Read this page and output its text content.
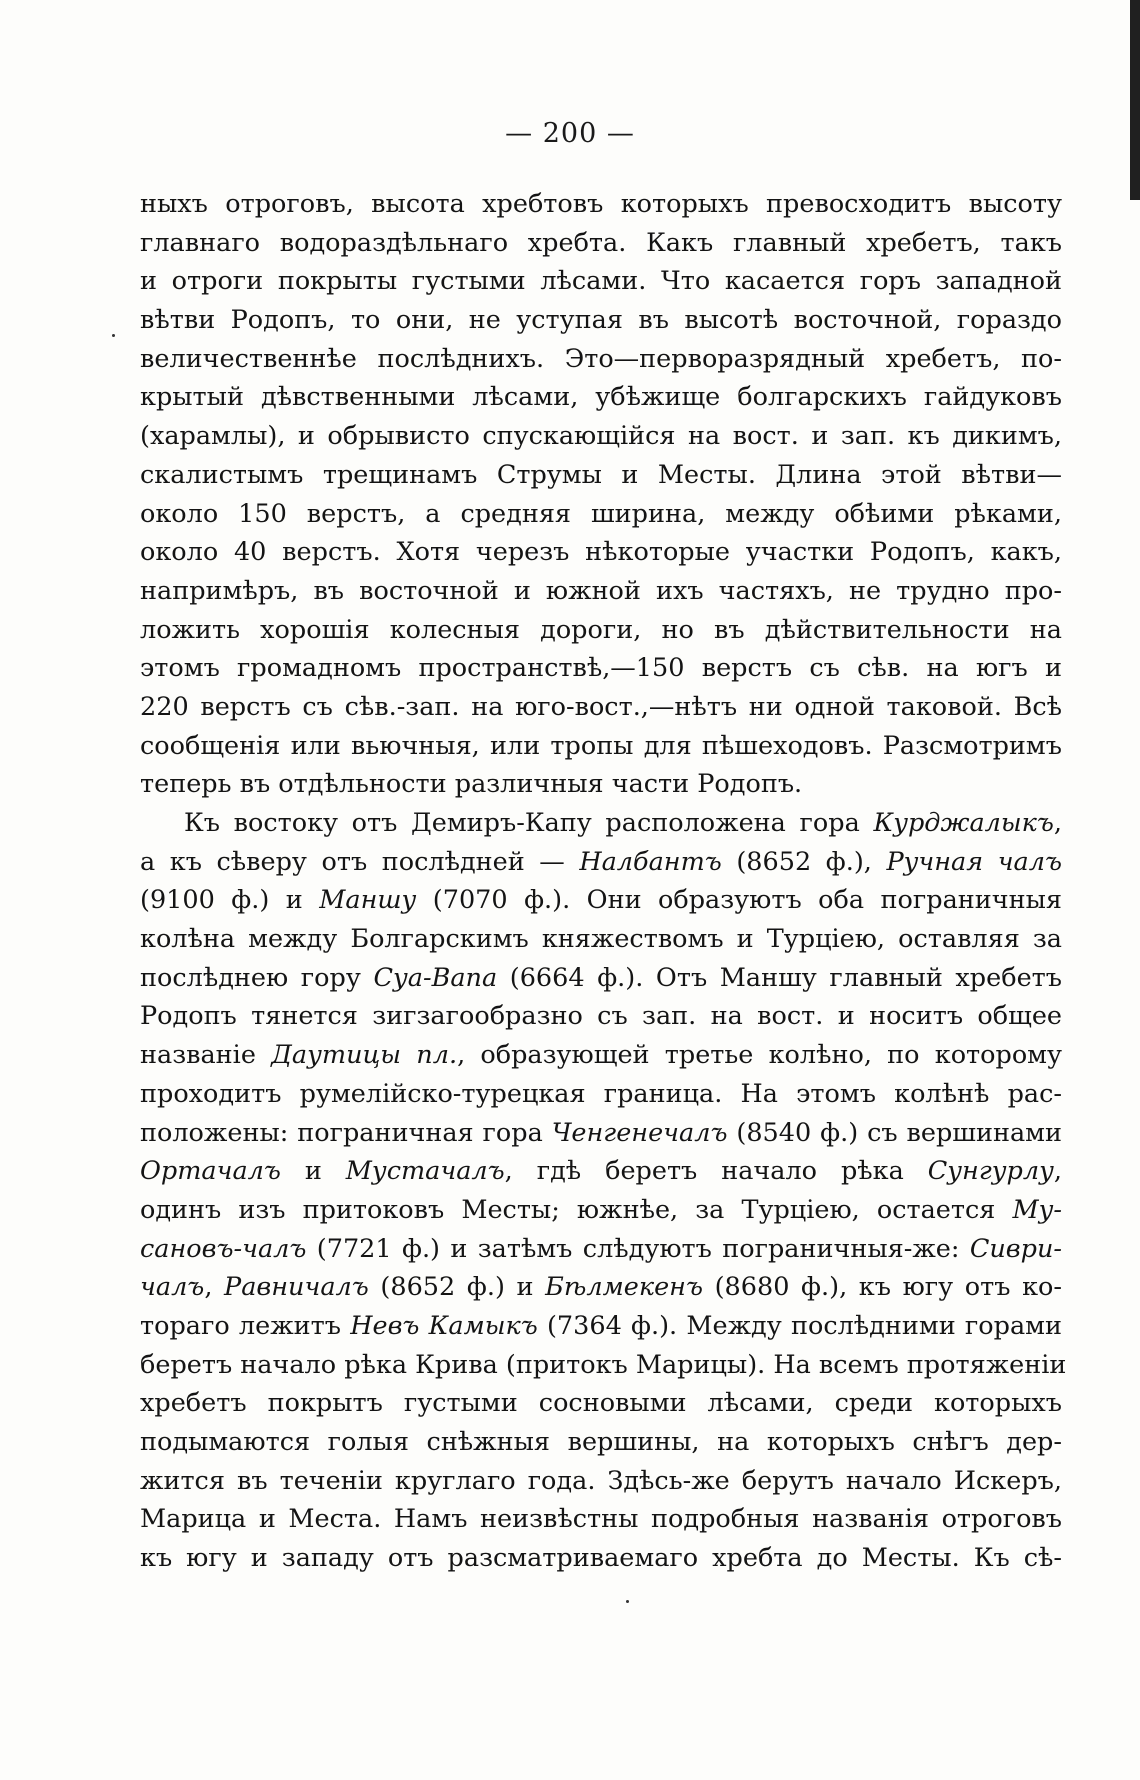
— 200 —
ныхъ отроговъ, высота хребтовъ которыхъ превосходитъ высоту
главнаго водораздѣльнаго хребта. Какъ главный хребетъ, такъ
и отроги покрыты густыми лѣсами. Что касается горъ западной
вѣтви Родопъ, то они, не уступая въ высотѣ восточной, гораздо
величественнѣе послѣднихъ. Это—перворазрядный хребетъ, по-
крытый дѣвственными лѣсами, убѣжище болгарскихъ гайдуковъ
(харамлы), и обрывисто спускающійся на вост. и зап. къ дикимъ,
скалистымъ трещинамъ Струмы и Месты. Длина этой вѣтви—
около 150 верстъ, а средняя ширина, между обѣими рѣками,
около 40 верстъ. Хотя черезъ нѣкоторые участки Родопъ, какъ,
напримѣръ, въ восточной и южной ихъ частяхъ, не трудно про-
ложить хорошія колесныя дороги, но въ дѣйствительности на
этомъ громадномъ пространствѣ,—150 верстъ съ сѣв. на югъ и
220 верстъ съ сѣв.-зап. на юго-вост.,—нѣтъ ни одной таковой. Всѣ
сообщенія или вьючныя, или тропы для пѣшеходовъ. Разсмотримъ
теперь въ отдѣльности различныя части Родопъ.
Къ востоку отъ Демиръ-Капу расположена гора Курджалыкъ,
а къ сѣверу отъ послѣдней — Налбантъ (8652 ф.), Ручная чалъ
(9100 ф.) и Маншу (7070 ф.). Они образуютъ оба пограничныя
колѣна между Болгарскимъ княжествомъ и Турціею, оставляя за
послѣднею гору Суа-Вапа (6664 ф.). Отъ Маншу главный хребетъ
Родопъ тянется зигзагообразно съ зап. на вост. и носитъ общее
названіе Даутицы пл., образующей третье колѣно, по которому
проходитъ румелійско-турецкая граница. На этомъ колѣнѣ рас-
положены: пограничная гора Ченгенечалъ (8540 ф.) съ вершинами
Ортачалъ и Мустачалъ, гдѣ беретъ начало рѣка Сунгурлу,
одинъ изъ притоковъ Месты; южнѣе, за Турціею, остается Му-
сановъ-чалъ (7721 ф.) и затѣмъ слѣдуютъ пограничныя-же: Сиври-
чалъ, Равничалъ (8652 ф.) и Бѣлмекенъ (8680 ф.), къ югу отъ ко-
тораго лежитъ Невъ Камыкъ (7364 ф.). Между послѣдними горами
беретъ начало рѣка Крива (притокъ Марицы). На всемъ протяженіи
хребетъ покрытъ густыми сосновыми лѣсами, среди которыхъ
подымаются голыя снѣжныя вершины, на которыхъ снѣгъ дер-
жится въ теченіи круглаго года. Здѣсь-же берутъ начало Искеръ,
Марица и Места. Намъ неизвѣстны подробныя названія отроговъ
къ югу и западу отъ разсматриваемаго хребта до Месты. Къ сѣ-
